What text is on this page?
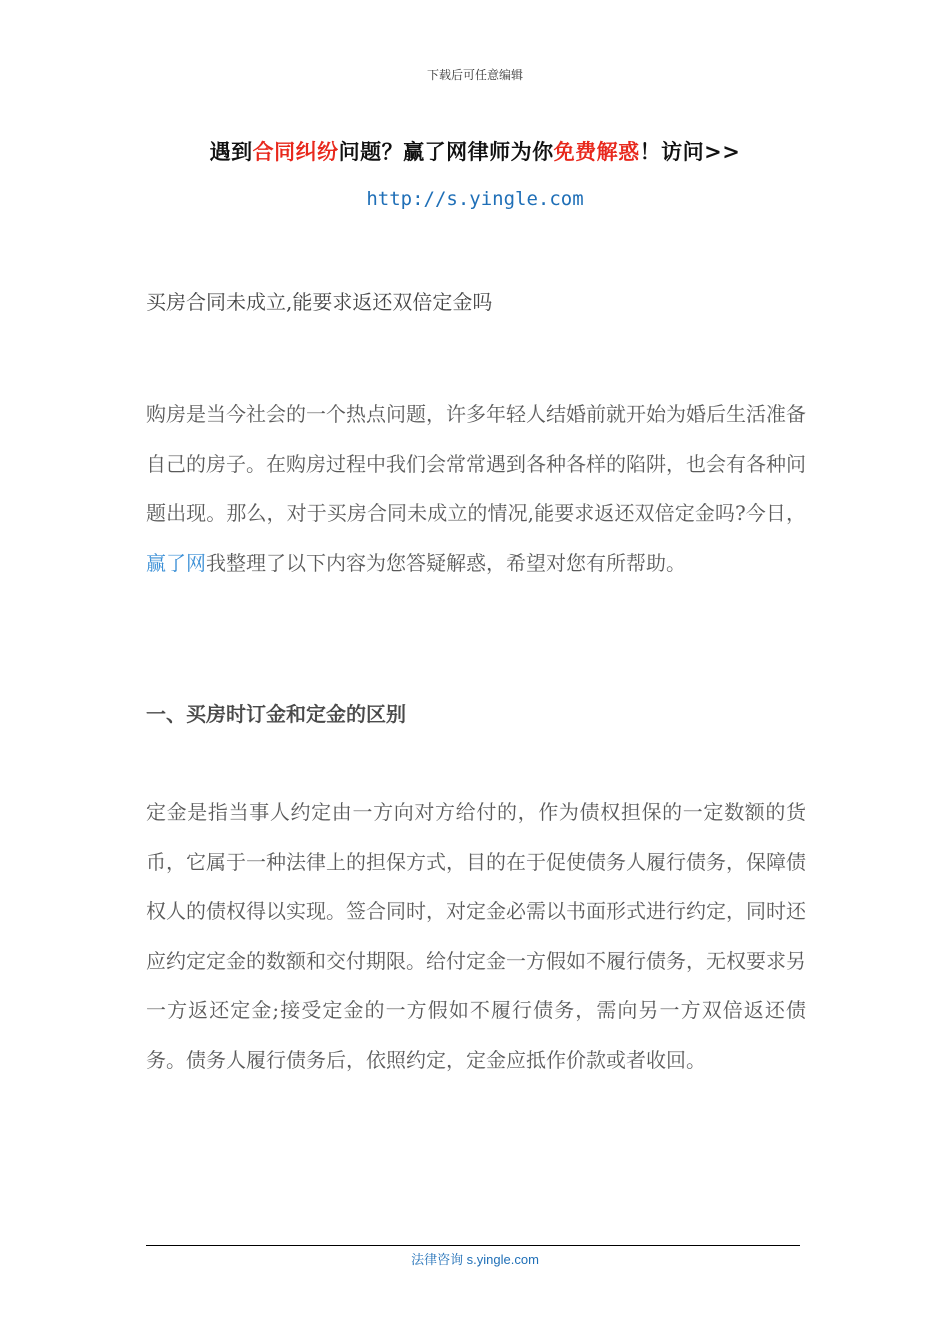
下载后可任意编辑
遇到合同纠纷问题？赢了网律师为你免费解惑！访问>>
http://s.yingle.com
买房合同未成立,能要求返还双倍定金吗
购房是当今社会的一个热点问题，许多年轻人结婚前就开始为婚后生活准备自己的房子。在购房过程中我们会常常遇到各种各样的陷阱，也会有各种问题出现。那么，对于买房合同未成立的情况,能要求返还双倍定金吗?今日，赢了网我整理了以下内容为您答疑解惑，希望对您有所帮助。
一、买房时订金和定金的区别
定金是指当事人约定由一方向对方给付的，作为债权担保的一定数额的货币，它属于一种法律上的担保方式，目的在于促使债务人履行债务，保障债权人的债权得以实现。签合同时，对定金必需以书面形式进行约定，同时还应约定定金的数额和交付期限。给付定金一方假如不履行债务，无权要求另一方返还定金;接受定金的一方假如不履行债务，需向另一方双倍返还债务。债务人履行债务后，依照约定，定金应抵作价款或者收回。
法律咨询 s.yingle.com
